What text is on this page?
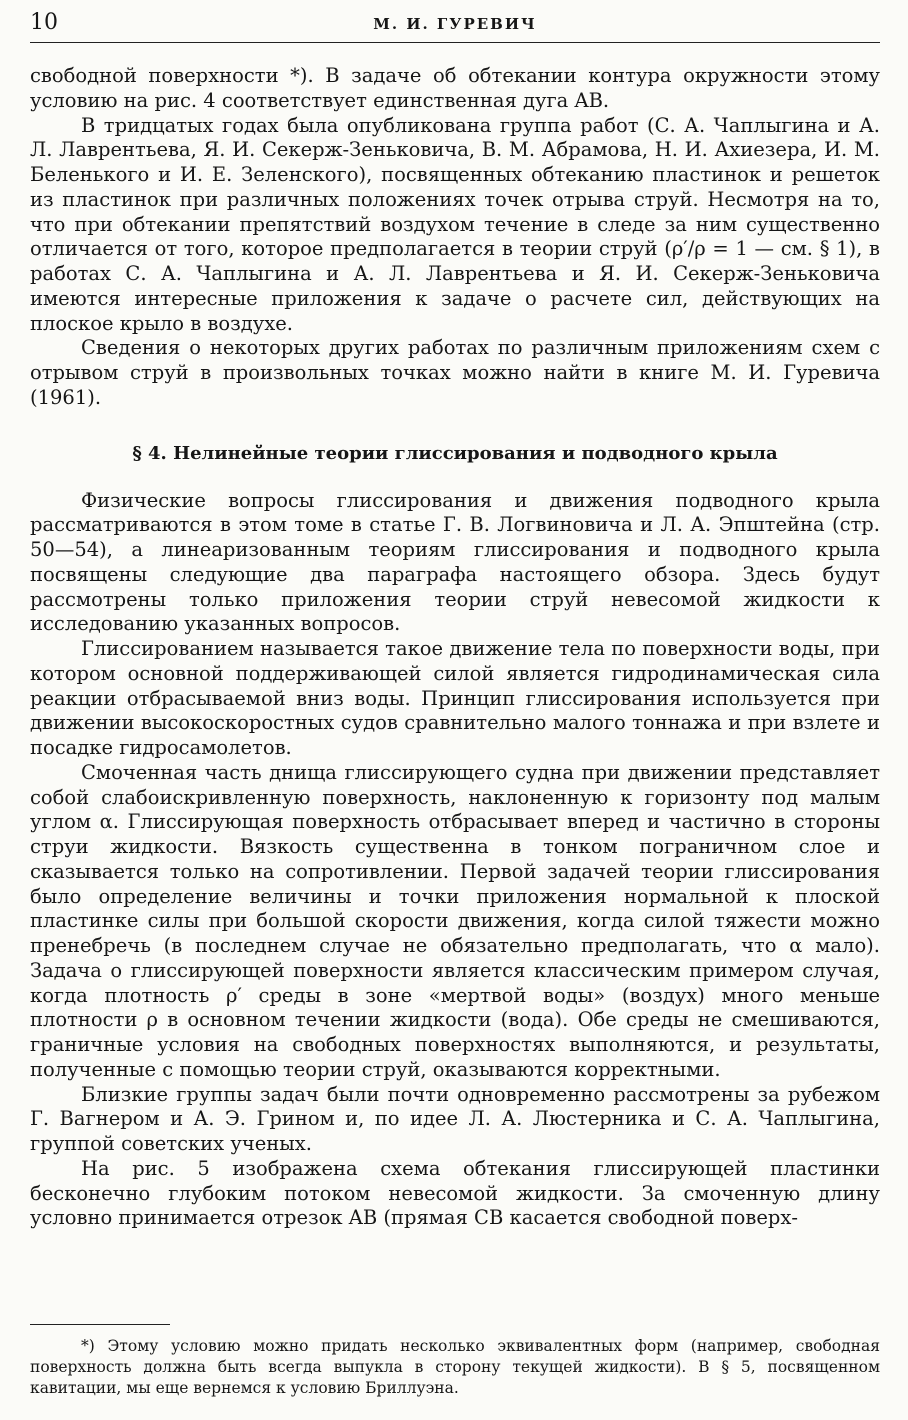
10	М. И. ГУРЕВИЧ

свободной поверхности *). В задаче об обтекании контура окружности этому условию на рис. 4 соответствует единственная дуга AB.

В тридцатых годах была опубликована группа работ (С. А. Чаплыгина и А. Л. Лаврентьева, Я. И. Секерж-Зеньковича, В. М. Абрамова, Н. И. Ахиезера, И. М. Беленького и И. Е. Зеленского), посвященных обтеканию пластинок и решеток из пластинок при различных положениях точек отрыва струй. Несмотря на то, что при обтекании препятствий воздухом течение в следе за ним существенно отличается от того, которое предполагается в теории струй (ρ′/ρ = 1 — см. § 1), в работах С. А. Чаплыгина и А. Л. Лаврентьева и Я. И. Секерж-Зеньковича имеются интересные приложения к задаче о расчете сил, действующих на плоское крыло в воздухе.

Сведения о некоторых других работах по различным приложениям схем с отрывом струй в произвольных точках можно найти в книге М. И. Гуревича (1961).

§ 4. Нелинейные теории глиссирования и подводного крыла

Физические вопросы глиссирования и движения подводного крыла рассматриваются в этом томе в статье Г. В. Логвиновича и Л. А. Эпштейна (стр. 50—54), а линеаризованным теориям глиссирования и подводного крыла посвящены следующие два параграфа настоящего обзора. Здесь будут рассмотрены только приложения теории струй невесомой жидкости к исследованию указанных вопросов.

Глиссированием называется такое движение тела по поверхности воды, при котором основной поддерживающей силой является гидродинамическая сила реакции отбрасываемой вниз воды. Принцип глиссирования используется при движении высокоскоростных судов сравнительно малого тоннажа и при взлете и посадке гидросамолетов.

Смоченная часть днища глиссирующего судна при движении представляет собой слабоискривленную поверхность, наклоненную к горизонту под малым углом α. Глиссирующая поверхность отбрасывает вперед и частично в стороны струи жидкости. Вязкость существенна в тонком пограничном слое и сказывается только на сопротивлении. Первой задачей теории глиссирования было определение величины и точки приложения нормальной к плоской пластинке силы при большой скорости движения, когда силой тяжести можно пренебречь (в последнем случае не обязательно предполагать, что α мало). Задача о глиссирующей поверхности является классическим примером случая, когда плотность ρ′ среды в зоне «мертвой воды» (воздух) много меньше плотности ρ в основном течении жидкости (вода). Обе среды не смешиваются, граничные условия на свободных поверхностях выполняются, и результаты, полученные с помощью теории струй, оказываются корректными.

Близкие группы задач были почти одновременно рассмотрены за рубежом Г. Вагнером и А. Э. Грином и, по идее Л. А. Люстерника и С. А. Чаплыгина, группой советских ученых.

На рис. 5 изображена схема обтекания глиссирующей пластинки бесконечно глубоким потоком невесомой жидкости. За смоченную длину условно принимается отрезок AB (прямая CB касается свободной поверх-

*) Этому условию можно придать несколько эквивалентных форм (например, свободная поверхность должна быть всегда выпукла в сторону текущей жидкости). В § 5, посвященном кавитации, мы еще вернемся к условию Бриллуэна.
